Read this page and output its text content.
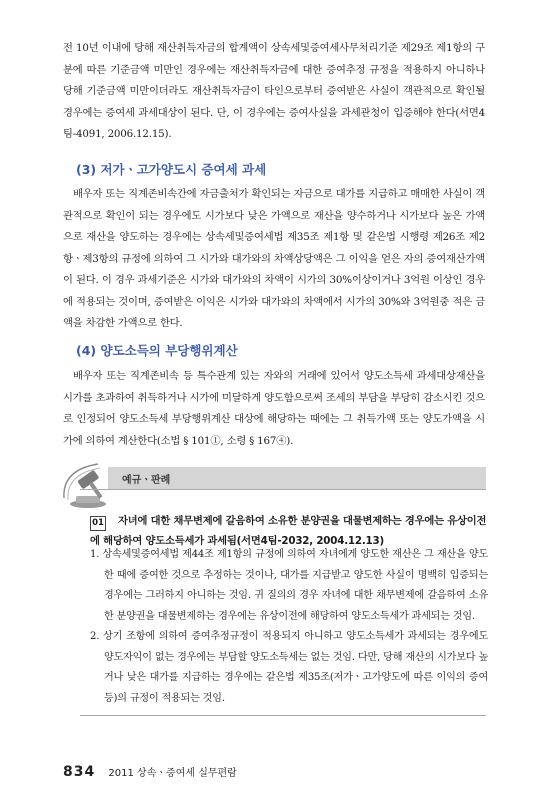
전 10년 이내에 당해 재산취득자금의 합계액이 상속세및증여세사무처리기준 제29조 제1항의 구분에 따른 기준금액 미만인 경우에는 재산취득자금에 대한 증여추정 규정을 적용하지 아니하나 당해 기준금액 미만이더라도 재산취득자금이 타인으로부터 증여받은 사실이 객관적으로 확인될 경우에는 증여세 과세대상이 된다. 단, 이 경우에는 증여사실을 과세관청이 입증해야 한다(서면4팀-4091, 2006.12.15).

(3) 저가ㆍ고가양도시 증여세 과세

배우자 또는 직계존비속간에 자금출처가 확인되는 자금으로 대가를 지급하고 매매한 사실이 객관적으로 확인이 되는 경우에도 시가보다 낮은 가액으로 재산을 양수하거나 시가보다 높은 가액으로 재산을 양도하는 경우에는 상속세및증여세법 제35조 제1항 및 같은법 시행령 제26조 제2항ㆍ제3항의 규정에 의하여 그 시가와 대가와의 차액상당액은 그 이익을 얻은 자의 증여재산가액이 된다. 이 경우 과세기준은 시가와 대가와의 차액이 시가의 30%이상이거나 3억원 이상인 경우에 적용되는 것이며, 증여받은 이익은 시가와 대가와의 차액에서 시가의 30%와 3억원중 적은 금액을 차감한 가액으로 한다.

(4) 양도소득의 부당행위계산

배우자 또는 직계존비속 등 특수관계 있는 자와의 거래에 있어서 양도소득세 과세대상재산을 시가를 초과하여 취득하거나 시가에 미달하게 양도함으로써 조세의 부담을 부당히 감소시킨 것으로 인정되어 양도소득세 부당행위계산 대상에 해당하는 때에는 그 취득가액 또는 양도가액을 시가에 의하여 계산한다(소법 § 101①, 소령 § 167④).

예규ㆍ판례
01	자녀에 대한 채무변제에 갈음하여 소유한 분양권을 대물변제하는 경우에는 유상이전에 해당하여 양도소득세가 과세됨(서면4팀-2032, 2004.12.13)

1. 상속세및증여세법 제44조 제1항의 규정에 의하여 자녀에게 양도한 재산은 그 재산을 양도한 때에 증여한 것으로 추정하는 것이나, 대가를 지급받고 양도한 사실이 명백히 입증되는 경우에는 그러하지 아니하는 것임. 귀 질의의 경우 자녀에 대한 채무변제에 갈음하여 소유한 분양권을 대물변제하는 경우에는 유상이전에 해당하여 양도소득세가 과세되는 것임.
2. 상기 조항에 의하여 증여추정규정이 적용되지 아니하고 양도소득세가 과세되는 경우에도 양도자익이 없는 경우에는 부담할 양도소득세는 없는 것임. 다만, 당해 재산의 시가보다 높거나 낮은 대가를 지급하는 경우에는 같은법 제35조(저가ㆍ고가양도에 따른 이익의 증여 등)의 규정이 적용되는 것임.
834 2011 상속ㆍ증여세 실무편람
